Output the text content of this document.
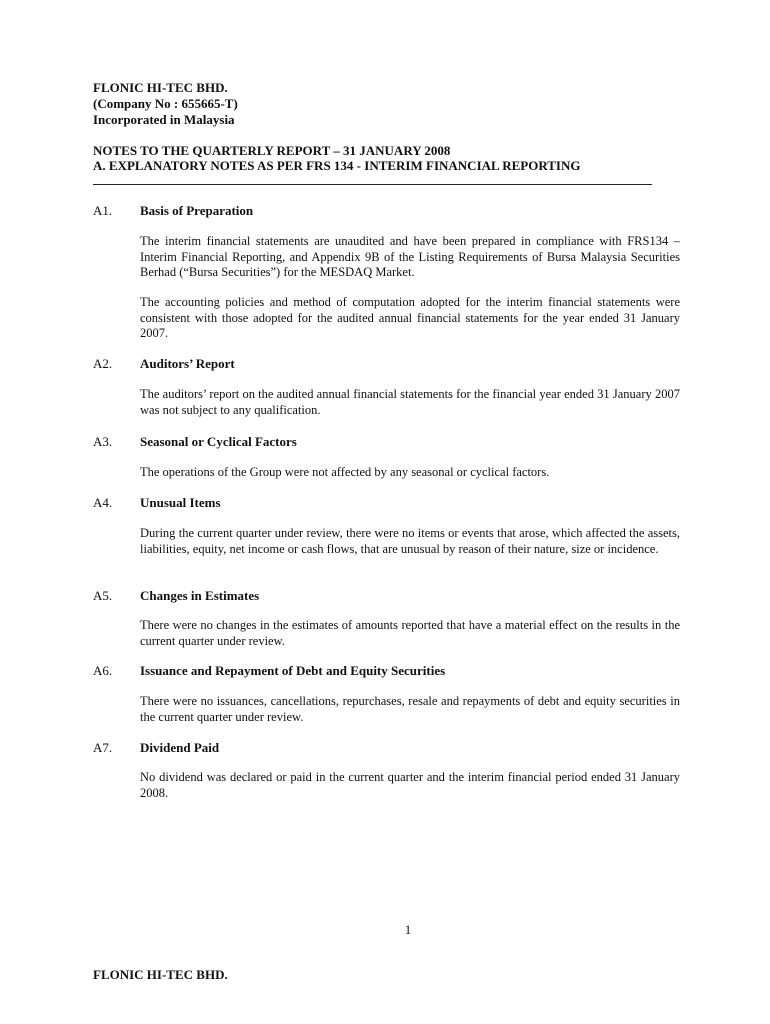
FLONIC HI-TEC BHD.
(Company No : 655665-T)
Incorporated in Malaysia
NOTES TO THE QUARTERLY REPORT – 31 JANUARY 2008
A. EXPLANATORY NOTES AS PER FRS 134 - INTERIM FINANCIAL REPORTING
A1. Basis of Preparation
The interim financial statements are unaudited and have been prepared in compliance with FRS134 – Interim Financial Reporting, and Appendix 9B of the Listing Requirements of Bursa Malaysia Securities Berhad (“Bursa Securities”) for the MESDAQ Market.
The accounting policies and method of computation adopted for the interim financial statements were consistent with those adopted for the audited annual financial statements for the year ended 31 January 2007.
A2. Auditors’ Report
The auditors’ report on the audited annual financial statements for the financial year ended 31 January 2007 was not subject to any qualification.
A3. Seasonal or Cyclical Factors
The operations of the Group were not affected by any seasonal or cyclical factors.
A4. Unusual Items
During the current quarter under review, there were no items or events that arose, which affected the assets, liabilities, equity, net income or cash flows, that are unusual by reason of their nature, size or incidence.
A5. Changes in Estimates
There were no changes in the estimates of amounts reported that have a material effect on the results in the current quarter under review.
A6. Issuance and Repayment of Debt and Equity Securities
There were no issuances, cancellations, repurchases, resale and repayments of debt and equity securities in the current quarter under review.
A7. Dividend Paid
No dividend was declared or paid in the current quarter and the interim financial period ended 31 January 2008.
1
FLONIC HI-TEC BHD.
